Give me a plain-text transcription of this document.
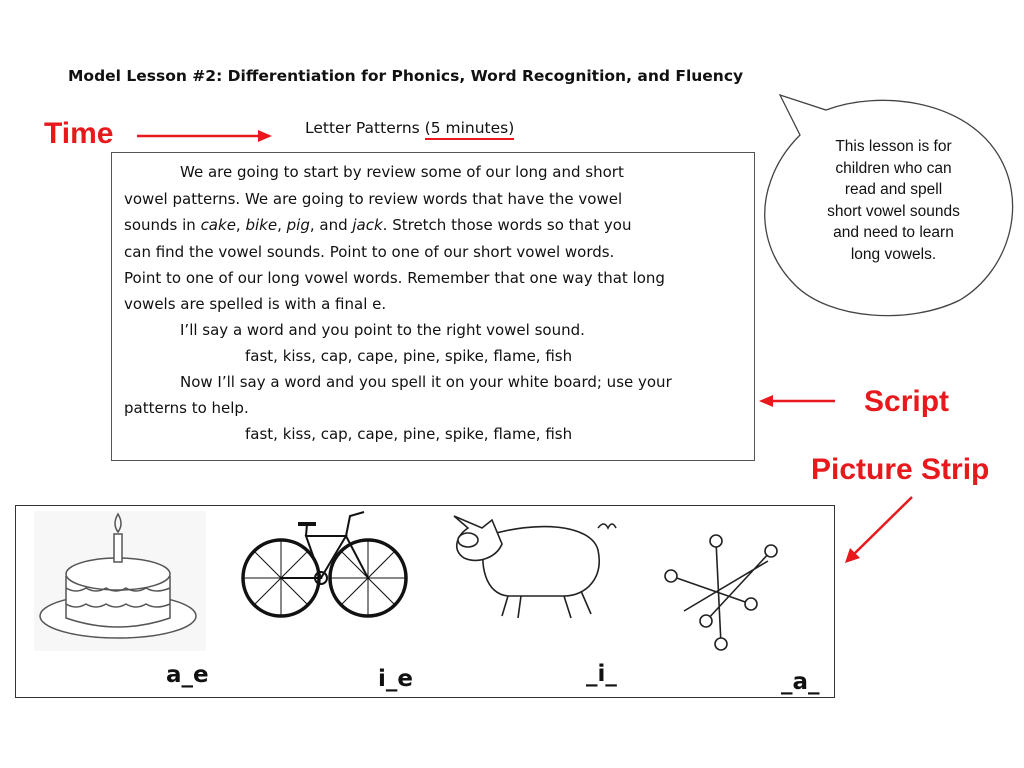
Model Lesson #2: Differentiation for Phonics, Word Recognition, and Fluency
Time	Letter Patterns (5 minutes)
This lesson is for
children who can
read and spell
short vowel sounds
and need to learn
long vowels.
We are going to start by review some of our long and short
vowel patterns. We are going to review words that have the vowel
sounds in cake, bike, pig, and jack. Stretch those words so that you
can find the vowel sounds. Point to one of our short vowel words.
Point to one of our long vowel words. Remember that one way that long
vowels are spelled is with a final e.
I’ll say a word and you point to the right vowel sound.
fast, kiss, cap, cape, pine, spike, flame, fish
Now I’ll say a word and you spell it on your white board; use your
patterns to help.
fast, kiss, cap, cape, pine, spike, flame, fish
Script
Picture Strip
a_e	i_e	_i_	_a_
